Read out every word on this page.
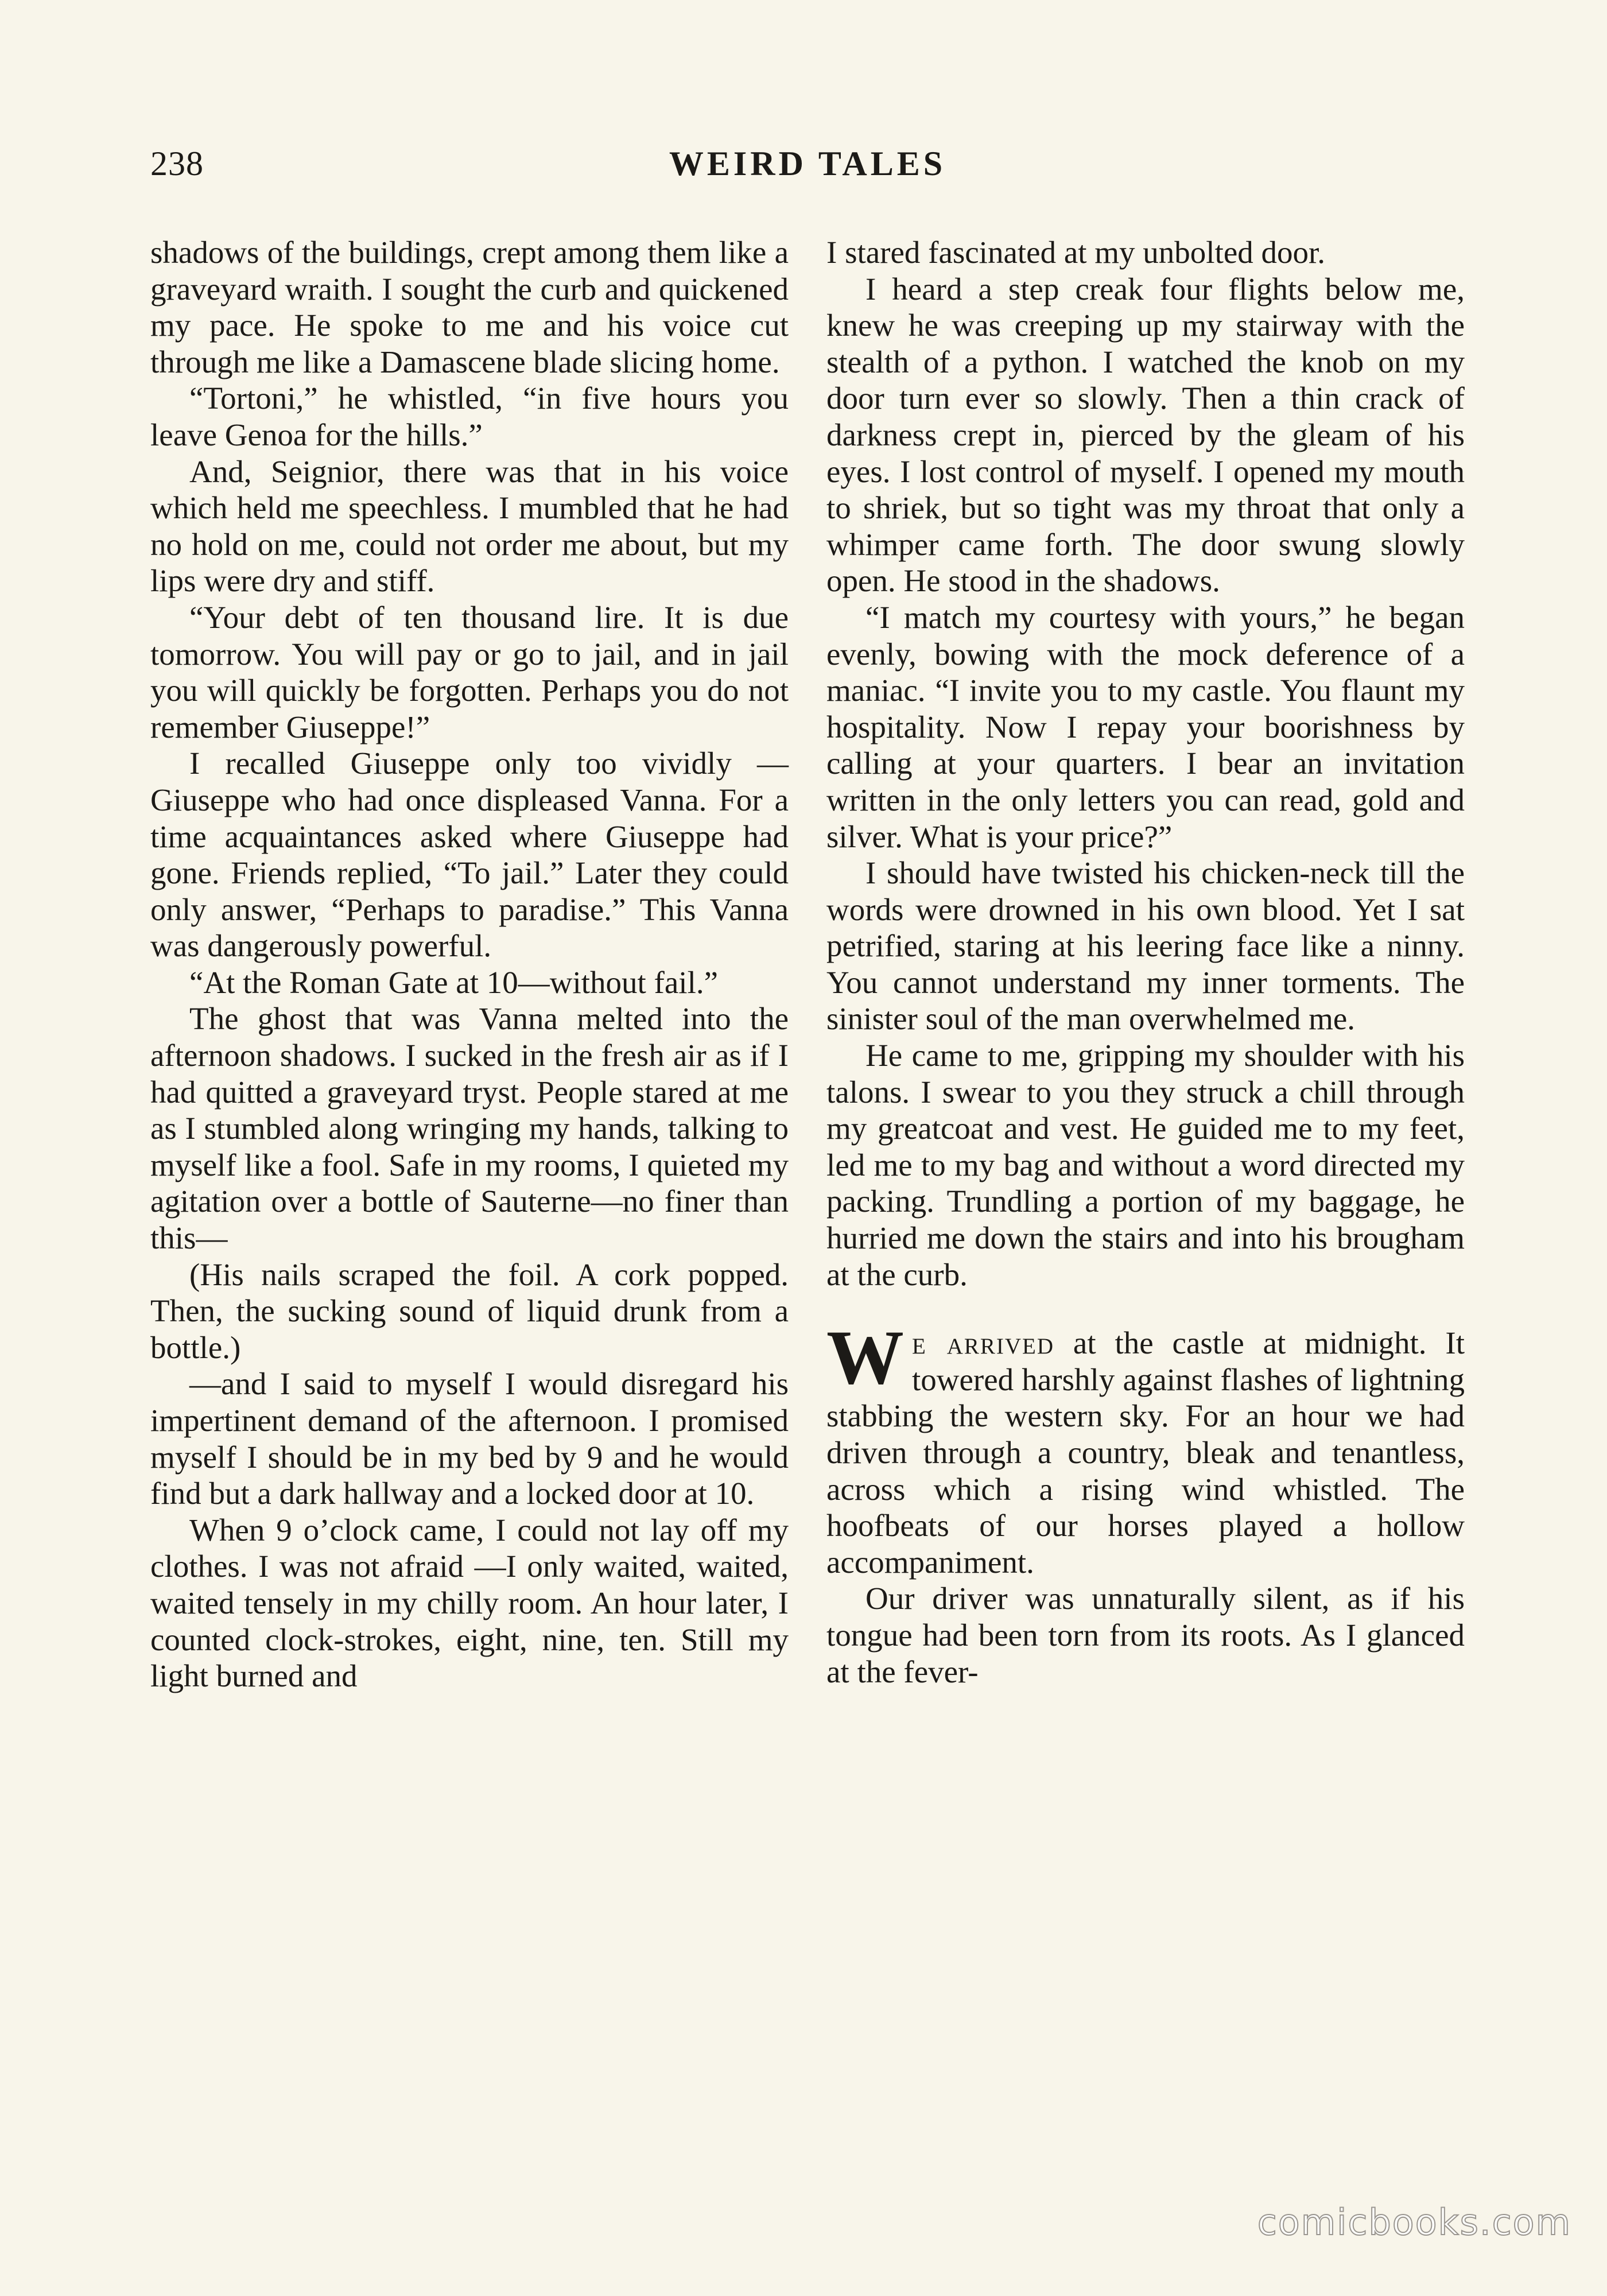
238	WEIRD TALES

shadows of the buildings, crept among them like a graveyard wraith. I sought the curb and quickened my pace. He spoke to me and his voice cut through me like a Damascene blade slicing home.

“Tortoni,” he whistled, “in five hours you leave Genoa for the hills.”

And, Seignior, there was that in his voice which held me speechless. I mumbled that he had no hold on me, could not order me about, but my lips were dry and stiff.

“Your debt of ten thousand lire. It is due tomorrow. You will pay or go to jail, and in jail you will quickly be forgotten. Perhaps you do not remember Giuseppe!”

I recalled Giuseppe only too vividly —Giuseppe who had once displeased Vanna. For a time acquaintances asked where Giuseppe had gone. Friends replied, “To jail.” Later they could only answer, “Perhaps to paradise.” This Vanna was dangerously powerful.

“At the Roman Gate at 10—without fail.”

The ghost that was Vanna melted into the afternoon shadows. I sucked in the fresh air as if I had quitted a graveyard tryst. People stared at me as I stumbled along wringing my hands, talking to myself like a fool. Safe in my rooms, I quieted my agitation over a bottle of Sauterne—no finer than this—

(His nails scraped the foil. A cork popped. Then, the sucking sound of liquid drunk from a bottle.)

—and I said to myself I would disregard his impertinent demand of the afternoon. I promised myself I should be in my bed by 9 and he would find but a dark hallway and a locked door at 10.

When 9 o’clock came, I could not lay off my clothes. I was not afraid —I only waited, waited, waited tensely in my chilly room. An hour later, I counted clock-strokes, eight, nine, ten. Still my light burned and

I stared fascinated at my unbolted door.

I heard a step creak four flights below me, knew he was creeping up my stairway with the stealth of a python. I watched the knob on my door turn ever so slowly. Then a thin crack of darkness crept in, pierced by the gleam of his eyes. I lost control of myself. I opened my mouth to shriek, but so tight was my throat that only a whimper came forth. The door swung slowly open. He stood in the shadows.

“I match my courtesy with yours,” he began evenly, bowing with the mock deference of a maniac. “I invite you to my castle. You flaunt my hospitality. Now I repay your boorishness by calling at your quarters. I bear an invitation written in the only letters you can read, gold and silver. What is your price?”

I should have twisted his chicken-neck till the words were drowned in his own blood. Yet I sat petrified, staring at his leering face like a ninny. You cannot understand my inner torments. The sinister soul of the man overwhelmed me.

He came to me, gripping my shoulder with his talons. I swear to you they struck a chill through my greatcoat and vest. He guided me to my feet, led me to my bag and without a word directed my packing. Trundling a portion of my baggage, he hurried me down the stairs and into his brougham at the curb.

We arrived at the castle at midnight. It towered harshly against flashes of lightning stabbing the western sky. For an hour we had driven through a country, bleak and tenantless, across which a rising wind whistled. The hoofbeats of our horses played a hollow accompaniment.

Our driver was unnaturally silent, as if his tongue had been torn from its roots. As I glanced at the fever-

comicbooks.com
